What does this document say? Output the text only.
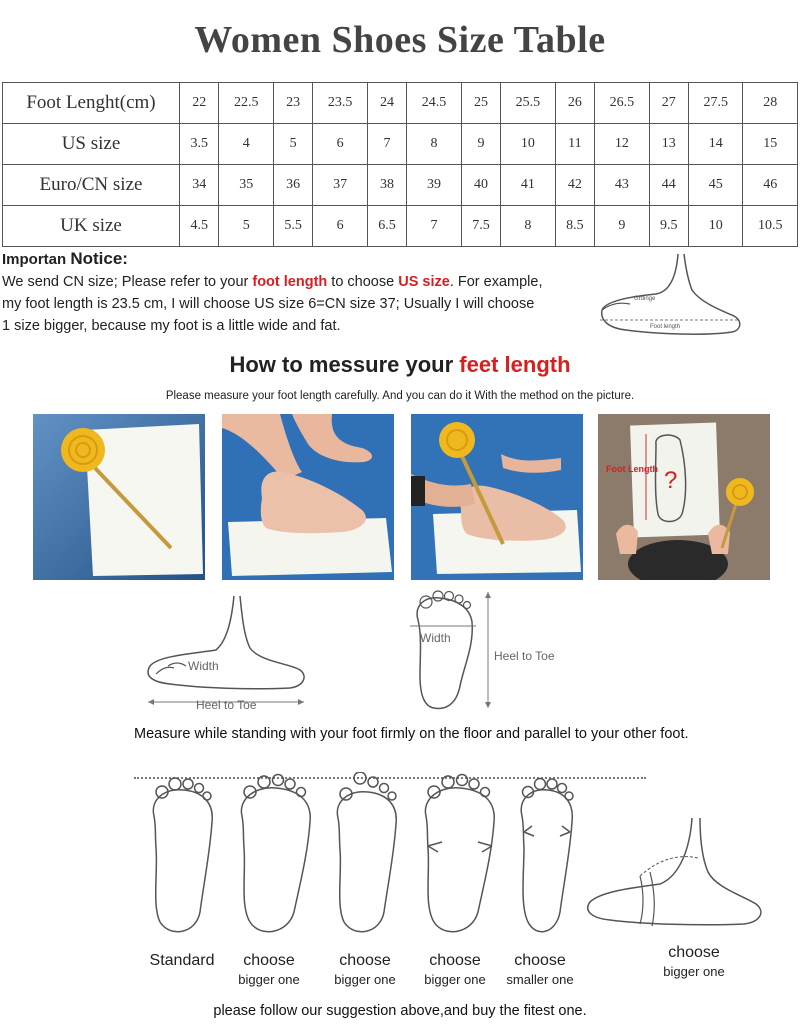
Women Shoes Size Table
Foot Lenght(cm)	22	22.5	23	23.5	24	24.5	25	25.5	26	26.5	27	27.5	28
US size	3.5	4	5	6	7	8	9	10	11	12	13	14	15
Euro/CN size	34	35	36	37	38	39	40	41	42	43	44	45	46
UK size	4.5	5	5.5	6	6.5	7	7.5	8	8.5	9	9.5	10	10.5
Importan Notice:
We send CN size; Please refer to your foot length to choose US size. For example,
my foot length is 23.5 cm, I will choose US size 6=CN size 37; Usually I will choose
1 size bigger, because my foot is a little wide and fat.
Grdinge
Foot length
How to messure your feet length
Please measure your foot length carefully. And you can do it With the method on the picture.
Foot Length ?
Width
Heel to Toe
Width
Heel to Toe
Measure while standing with your foot firmly on the floor and parallel to your other foot.
Standard	choose
bigger one
choose
bigger one
choose
bigger one
choose
smaller one
choose
bigger one
please follow our suggestion above,and buy the fitest one.
